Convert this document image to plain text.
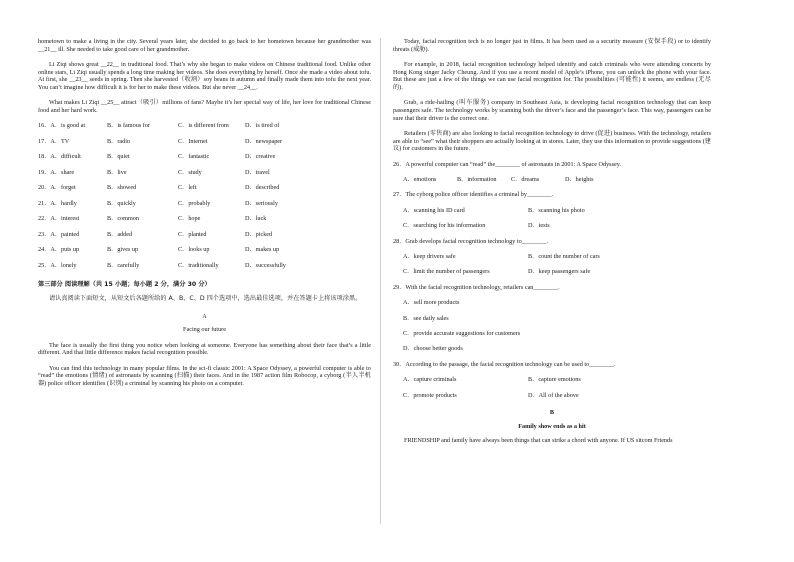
hometown to make a living in the city. Several years later, she decided to go back to her hometown because her grandmother was __21__ ill. She needed to take good care of her grandmother.

Li Ziqi shows great __22__ in traditional food. That’s why she began to make videos on Chinese traditional food. Unlike other online stars, Li Ziqi usually spends a long time making her videos. She does everything by herself. Once she made a video about tofu. At first, she __23__ seeds in spring. Then she harvested（收割）soy beans in autumn and finally made them into tofu the next year. You can’t imagine how difficult it is for her to make these videos. But she never __24__.

What makes Li Ziqi __25__ attract（吸引）millions of fans? Maybe it’s her special way of life, her love for traditional Chinese food and her hard work.

16．A．is good at	B．is famous for	C．is different from	D．is tired of
17．A．TV	B．radio	C．Internet	D．newspaper
18．A．difficult	B．quiet	C．fantastic	D．creative
19．A．share	B．live	C．study	D．travel
20．A．forget	B．showed	C．left	D．described
21．A．hardly	B．quickly	C．probably	D．seriously
22．A．interest	B．common	C．hope	D．luck
23．A．painted	B．added	C．planted	D．picked
24．A．puts up	B．gives up	C．looks up	D．makes up
25．A．lonely	B．carefully	C．traditionally	D．successfully
第三部分 阅读理解（共 15 小题；每小题 2 分，满分 30 分）

请认真阅读下面短文，从短文后各题所给的 A、B、C、D 四个选项中，选出最佳选项，并在答题卡上将该项涂黑。

A
Facing our future

The face is usually the first thing you notice when looking at someone. Everyone has something about their face that’s a little different. And that little difference makes facial recognition possible.

You can find this technology in many popular films. In the sci-fi classic 2001: A Space Odyssey, a powerful computer is able to “read” the emotions (情绪) of astronauts by scanning (扫描) their faces. And in the 1987 action film Robocop, a cyborg (半人半机器) police officer identifies (识别) a criminal by scanning his photo on a computer.

Today, facial recognition tech is no longer just in films. It has been used as a security measure (安保手段) or to identify threats (威胁).

For example, in 2018, facial recognition technology helped identify and catch criminals who were attending concerts by Hong Kong singer Jacky Cheung. And if you use a recent model of Apple’s iPhone, you can unlock the phone with your face. But these are just a few of the things we can use facial recognition for. The possibilities (可能性) it seems, are endless (无尽的).

Grab, a ride-hailing (叫车服务) company in Southeast Asia, is developing facial recognition technology that can keep passengers safe. The technology works by scanning both the driver’s face and the passenger’s face. This way, passengers can be sure that their driver is the correct one.

Retailers (零售商) are also looking to facial recognition technology to drive (促进) business. With the technology, retailers are able to “see” what their shoppers are actually looking at in stores. Later, they use this information to provide suggestions (建议) for customers in the future.

26．A powerful computer can “read” the________ of astronauts in 2001: A Space Odyssey.
A．emotions	B．information	C．dreams	D．heights
27．The cyborg police officer identifies a criminal by________.
A．scanning his ID card	B．scanning his photo
C．searching for his information	D．tests
28．Grab develops facial recognition technology to________.
A．keep drivers safe	B．count the number of cars
C．limit the number of passengers	D．keep passengers safe
29．With the facial recognition technology, retailers can________.
A．sell more products
B．see daily sales
C．provide accurate suggestions for customers
D．choose better goods
30．According to the passage, the facial recognition technology can be used to________.
A．capture criminals	B．capture emotions
C．promote products	D．All of the above
B
Family show ends as a hit

FRIENDSHIP and family have always been things that can strike a chord with anyone. If US sitcom Friends
